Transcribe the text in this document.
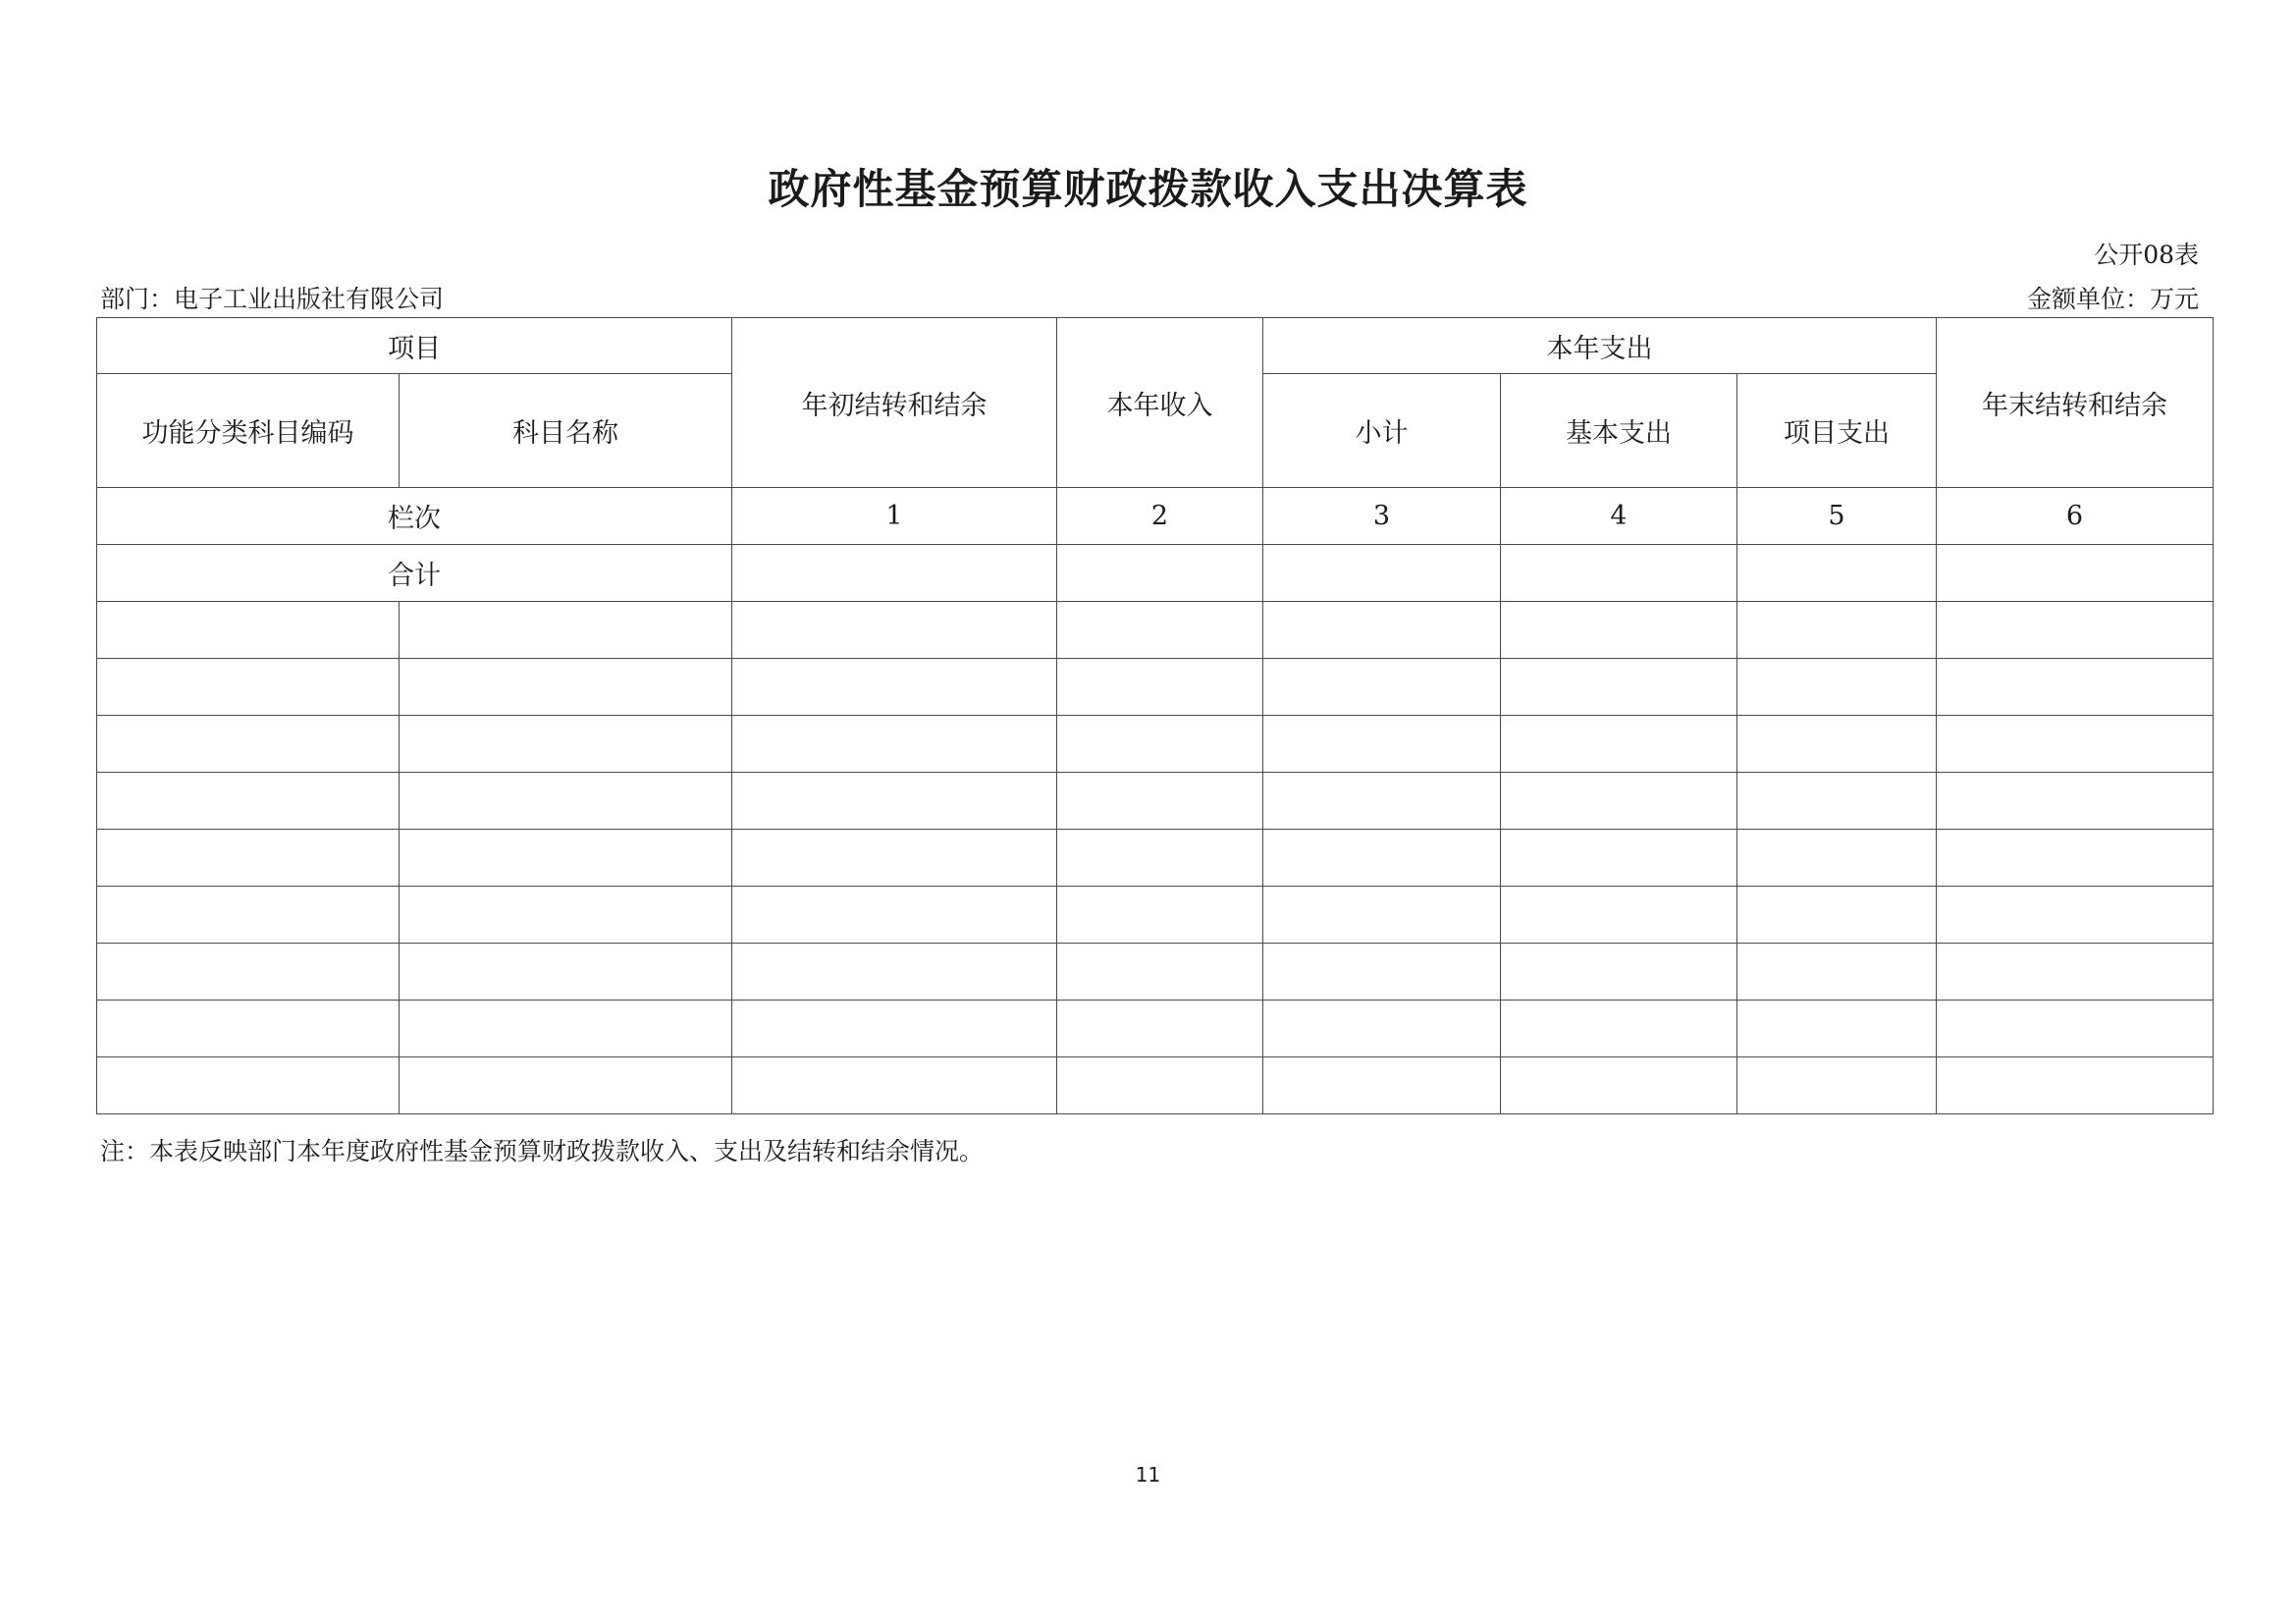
政府性基金预算财政拨款收入支出决算表
公开08表
部门：电子工业出版社有限公司	金额单位：万元
项目		年初结转和结余	本年收入	本年支出			年末结转和结余
功能分类科目编码	科目名称			小计	基本支出	项目支出	
栏次		1	2	3	4	5	6
合计							

注：本表反映部门本年度政府性基金预算财政拨款收入、支出及结转和结余情况。
11
